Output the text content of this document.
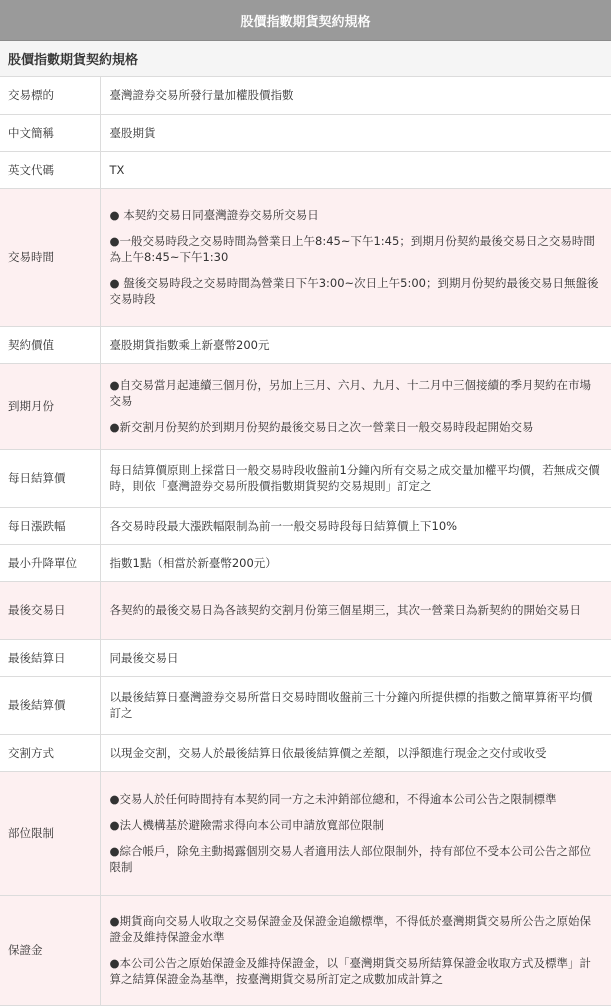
股價指數期貨契約規格
股價指數期貨契約規格
交易標的	臺灣證券交易所發行量加權股價指數

中文簡稱	臺股期貨

英文代碼	TX

交易時間	● 本契約交易日同臺灣證券交易所交易日

●一般交易時段之交易時間為營業日上午8:45~下午1:45；到期月份契約最後交易日之交易時間為上午8:45~下午1:30

● 盤後交易時段之交易時間為營業日下午3:00~次日上午5:00；到期月份契約最後交易日無盤後交易時段

契約價值	臺股期貨指數乘上新臺幣200元

到期月份	●自交易當月起連續三個月份，另加上三月、六月、九月、十二月中三個接續的季月契約在市場交易

●新交割月份契約於到期月份契約最後交易日之次一營業日一般交易時段起開始交易

每日結算價	每日結算價原則上採當日一般交易時段收盤前1分鐘內所有交易之成交量加權平均價，若無成交價時，則依「臺灣證券交易所股價指數期貨契約交易規則」訂定之

每日漲跌幅	各交易時段最大漲跌幅限制為前一一般交易時段每日結算價上下10%

最小升降單位	指數1點（相當於新臺幣200元）

最後交易日	各契約的最後交易日為各該契約交割月份第三個星期三，其次一營業日為新契約的開始交易日

最後結算日	同最後交易日

最後結算價	以最後結算日臺灣證券交易所當日交易時間收盤前三十分鐘內所提供標的指數之簡單算術平均價訂之

交割方式	以現金交割，交易人於最後結算日依最後結算價之差額，以淨額進行現金之交付或收受

部位限制	●交易人於任何時間持有本契約同一方之未沖銷部位總和，不得逾本公司公告之限制標準

●法人機構基於避險需求得向本公司申請放寬部位限制

●綜合帳戶，除免主動揭露個別交易人者適用法人部位限制外，持有部位不受本公司公告之部位限制

保證金	●期貨商向交易人收取之交易保證金及保證金追繳標準，不得低於臺灣期貨交易所公告之原始保證金及維持保證金水準

●本公司公告之原始保證金及維持保證金，以「臺灣期貨交易所結算保證金收取方式及標準」計算之結算保證金為基準，按臺灣期貨交易所訂定之成數加成計算之
